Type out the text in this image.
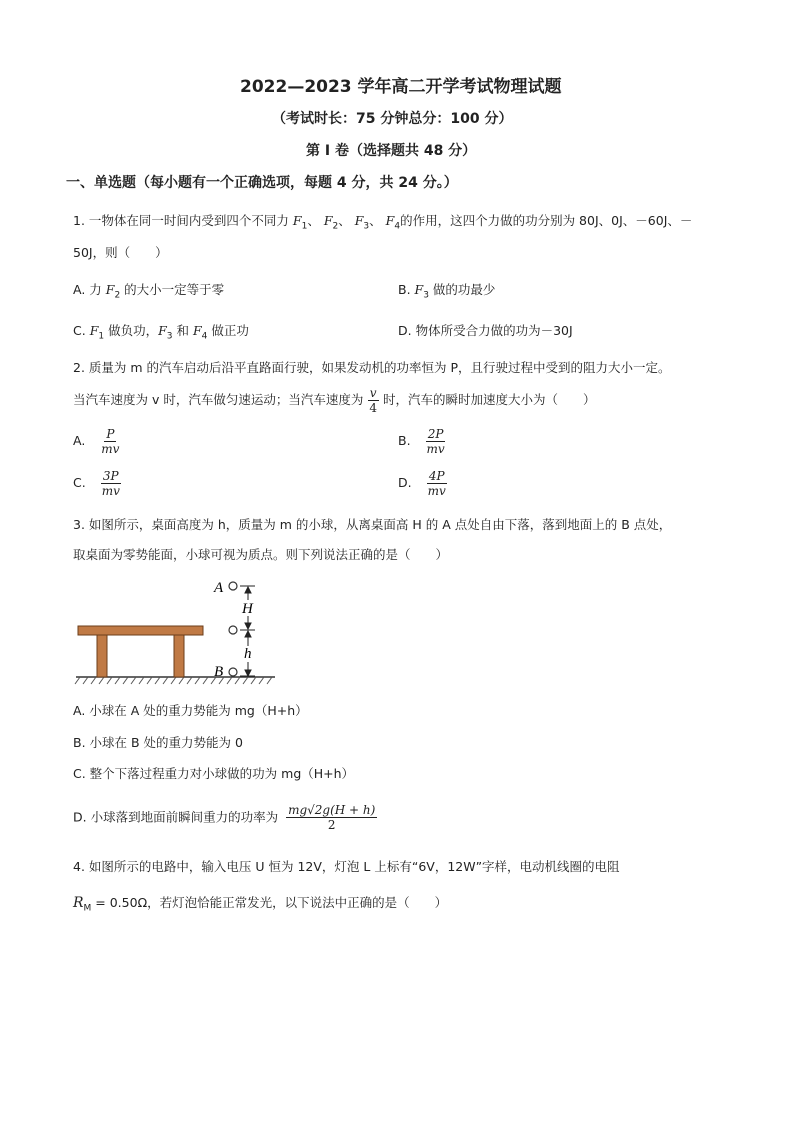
2022—2023 学年高二开学考试物理试题
（考试时长：75 分钟总分：100 分）
第 I 卷（选择题共 48 分）
一、单选题（每小题有一个正确选项，每题 4 分，共 24 分。）
1. 一物体在同一时间内受到四个不同力 $F_1$、 $F_2$、 $F_3$、 $F_4$的作用，这四个力做的功分别为 80J、0J、－60J、－
50J，则（　　）
A. 力 $F_2$ 的大小一定等于零	B. $F_3$ 做的功最少
C. $F_1$ 做负功，$F_3$ 和 $F_4$ 做正功	D. 物体所受合力做的功为－30J
2. 质量为 m 的汽车启动后沿平直路面行驶，如果发动机的功率恒为 P，且行驶过程中受到的阻力大小一定。
当汽车速度为 v 时，汽车做匀速运动；当汽车速度为 $\frac{v}{4}$ 时，汽车的瞬时加速度大小为（　　）
A. $\frac{P}{mv}$	B. $\frac{2P}{mv}$
C. $\frac{3P}{mv}$	D. $\frac{4P}{mv}$
3. 如图所示，桌面高度为 h，质量为 m 的小球，从离桌面高 H 的 A 点处自由下落，落到地面上的 B 点处，
取桌面为零势能面，小球可视为质点。则下列说法正确的是（　　）
A
B
H
h
A. 小球在 A 处的重力势能为 mg（H+h）
B. 小球在 B 处的重力势能为 0
C. 整个下落过程重力对小球做的功为 mg（H+h）
D. 小球落到地面前瞬间重力的功率为 $\frac{mg√2g(H + h)}{2}$
4. 如图所示的电路中，输入电压 U 恒为 12V，灯泡 L 上标有“6V，12W”字样，电动机线圈的电阻
$R_M = 0.50\Omega$，若灯泡恰能正常发光，以下说法中正确的是（　　）
